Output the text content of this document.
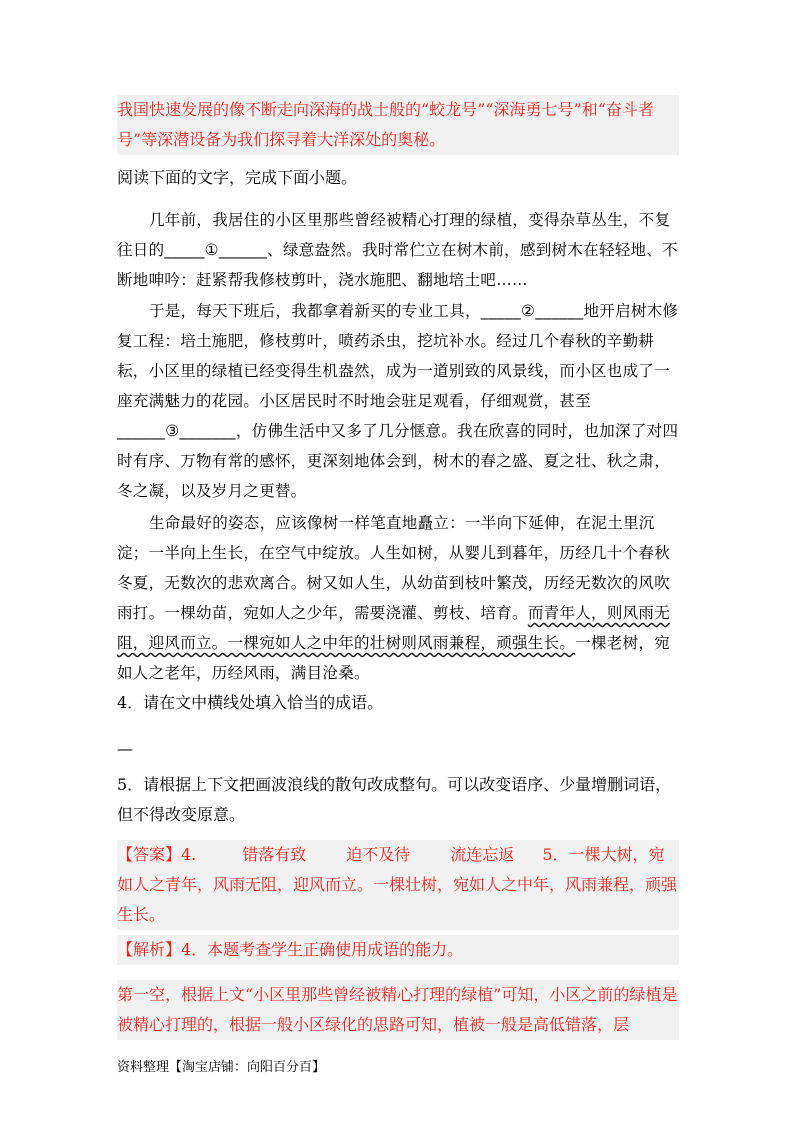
我国快速发展的像不断走向深海的战士般的“蛟龙号”“深海勇七号”和“奋斗者号”等深潜设备为我们探寻着大洋深处的奥秘。
阅读下面的文字，完成下面小题。

几年前，我居住的小区里那些曾经被精心打理的绿植，变得杂草丛生，不复往日的_____①______、绿意盎然。我时常伫立在树木前，感到树木在轻轻地、不断地呻吟：赶紧帮我修枝剪叶，浇水施肥、翻地培土吧……

于是，每天下班后，我都拿着新买的专业工具，_____②______地开启树木修复工程：培土施肥，修枝剪叶，喷药杀虫，挖坑补水。经过几个春秋的辛勤耕耘，小区里的绿植已经变得生机盎然，成为一道别致的风景线，而小区也成了一座充满魅力的花园。小区居民时不时地会驻足观看，仔细观赏，甚至______③_______，仿佛生活中又多了几分惬意。我在欣喜的同时，也加深了对四时有序、万物有常的感怀，更深刻地体会到，树木的春之盛、夏之壮、秋之肃，冬之凝，以及岁月之更替。

生命最好的姿态，应该像树一样笔直地矗立：一半向下延伸，在泥土里沉淀；一半向上生长，在空气中绽放。人生如树，从婴儿到暮年，历经几十个春秋冬夏，无数次的悲欢离合。树又如人生，从幼苗到枝叶繁茂，历经无数次的风吹雨打。一棵幼苗，宛如人之少年，需要浇灌、剪枝、培育。而青年人，则风雨无阻，迎风而立。一棵宛如人之中年的壮树则风雨兼程，顽强生长。一棵老树，宛如人之老年，历经风雨，满目沧桑。

4．请在文中横线处填入恰当的成语。
—
5．请根据上下文把画波浪线的散句改成整句。可以改变语序、少量增删词语，但不得改变原意。
【答案】4.	错落有致	迫不及待	流连忘返 5．一棵大树，宛如人之青年，风雨无阻，迎风而立。一棵壮树，宛如人之中年，风雨兼程，顽强生长。
【解析】4．本题考查学生正确使用成语的能力。
第一空，根据上文“小区里那些曾经被精心打理的绿植”可知，小区之前的绿植是被精心打理的，根据一般小区绿化的思路可知，植被一般是高低错落，层
资料整理【淘宝店铺：向阳百分百】
